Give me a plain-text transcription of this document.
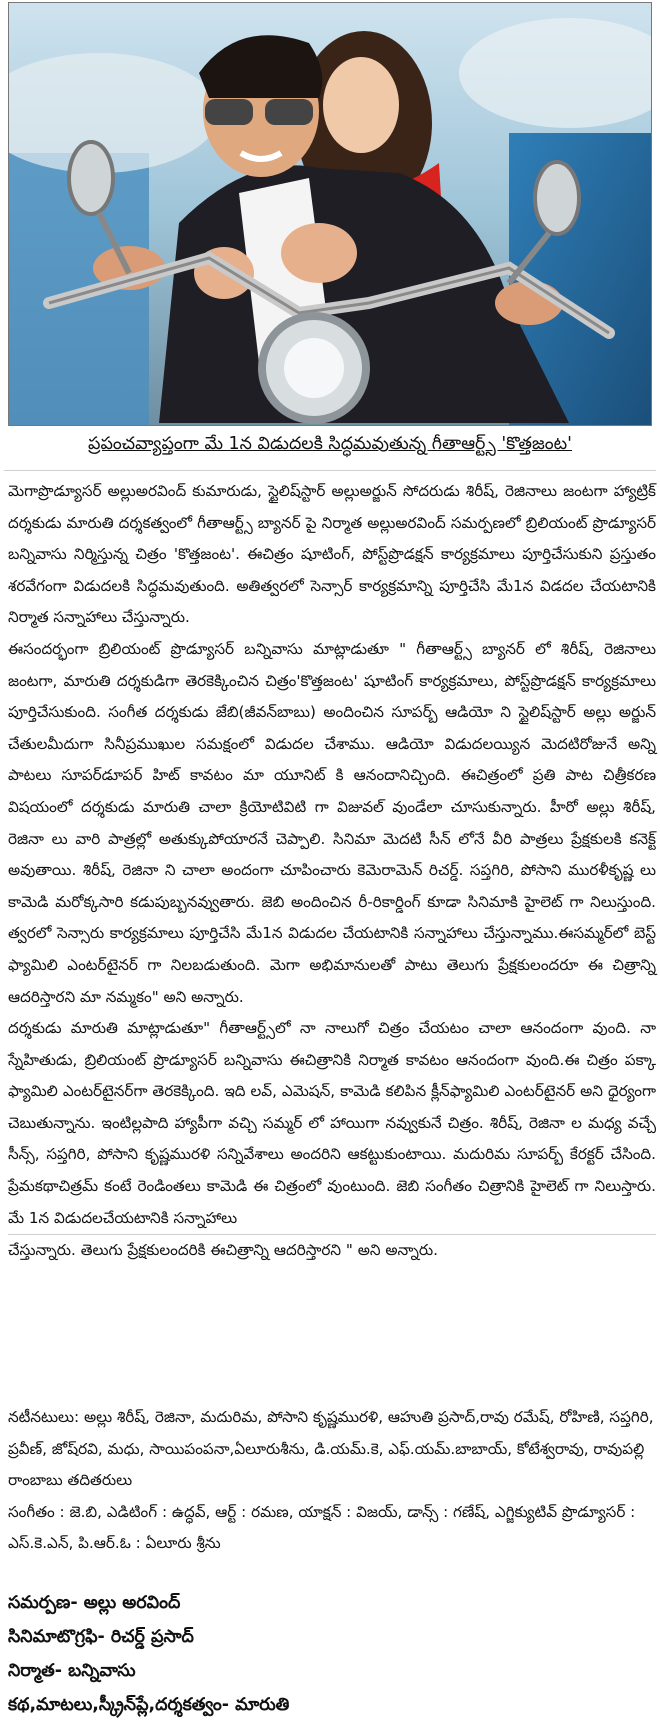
ప్రపంచవ్యాప్తంగా మే 1న విడుదలకి సిద్ధమవుతున్న గీతాఆర్ట్స్ 'కొత్తజంట'

మెగాప్రొడ్యూసర్ అల్లుఅరవింద్ కుమారుడు, స్టైలిష్‌స్టార్ అల్లుఅర్జున్ సోదరుడు శిరీష్, రెజినాలు జంటగా హ్యాట్రిక్ దర్శకుడు మారుతి దర్శకత్వంలో గీతాఆర్ట్స్ బ్యానర్ పై నిర్మాత అల్లుఅరవింద్ సమర్పణలో బ్రిలియంట్ ప్రొడ్యూసర్ బన్నివాసు నిర్మిస్తున్న చిత్రం 'కొత్తజంట'. ఈచిత్రం షూటింగ్, పోస్ట్‌ప్రొడక్షన్ కార్యక్రమాలు పూర్తిచేసుకుని ప్రస్తుతం శరవేగంగా విడుదలకి సిద్ధమవుతుంది. అతిత్వరలో సెన్సార్ కార్యక్రమాన్ని పూర్తిచేసి మే1న విడదల చేయటానికి నిర్మాత సన్నాహాలు చేస్తున్నారు.

ఈసందర్భంగా బ్రిలియంట్ ప్రొడ్యూసర్ బన్నివాసు మాట్లాడుతూ " గీతాఆర్ట్స్ బ్యానర్ లో శిరీష్, రెజినాలు జంటగా, మారుతి దర్శకుడిగా తెరకెక్కించిన చిత్రం'కొత్తజంట' షూటింగ్ కార్యక్రమాలు, పోస్ట్‌ప్రొడక్షన్ కార్యక్రమాలు పూర్తిచేసుకుంది. సంగీత దర్శకుడు జేబి(జీవన్‌బాబు) అందించిన సూపర్బ్ ఆడియో ని స్టైలిష్‌స్టార్ అల్లు అర్జున్ చేతులమీదుగా సినీప్రముఖుల సమక్షంలో విడుదల చేశాము. ఆడియో విడుదలయ్యిన మెదటిరోజునే అన్ని పాటలు సూపర్‌డూపర్ హిట్ కావటం మా యూనిట్ కి ఆనందానిచ్చింది. ఈచిత్రంలో ప్రతి పాట చిత్రీకరణ విషయంలో దర్శకుడు మారుతి చాలా క్రియోటివిటి గా విజువల్ వుండేలా చూసుకున్నారు. హీరో అల్లు శిరీష్, రెజినా లు వారి పాత్రల్లో అతుక్కుపోయారనే చెప్పాలి. సినిమా మెదటి సీన్ లోనే వీరి పాత్రలు ప్రేక్షకులకి కనెక్ట్ అవుతాయి. శిరీష్, రెజినా ని చాలా అందంగా చూపించారు కెమెరామెన్ రిచర్డ్. సప్తగిరి, పోసాని మురళీకృష్ణ లు కామెడి మరోక్కసారి కడుపుబ్బనవ్వుతారు. జెబి అందించిన రీ-రికార్డింగ్ కూడా సినిమాకి హైలెట్ గా నిలుస్తుంది. త్వరలో సెన్సారు కార్యక్రమాలు పూర్తిచేసి మే1న విడుదల చేయటానికి సన్నాహాలు చేస్తున్నాము.ఈసమ్మర్‌లో బెస్ట్ ఫ్యామిలి ఎంటర్‌టైనర్ గా నిలబడుతుంది. మెగా అభిమానులతో పాటు తెలుగు ప్రేక్షకులందరూ ఈ చిత్రాన్ని ఆదరిస్తారని మా నమ్మకం" అని అన్నారు.

దర్శకుడు మారుతి మాట్లాడుతూ" గీతాఆర్ట్స్‌లో నా నాలుగో చిత్రం చేయటం చాలా ఆనందంగా వుంది. నా స్నేహితుడు, బ్రిలియంట్ ప్రొడ్యూసర్ బన్నివాసు ఈచిత్రానికి నిర్మాత కావటం ఆనందంగా వుంది.ఈ చిత్రం పక్కా ఫ్యామిలి ఎంటర్‌టైనర్‌గా తెరకెక్కింది. ఇది లవ్, ఎమెషన్, కామెడి కలిపిన క్లీన్‌ఫ్యామిలి ఎంటర్‌టైనర్ అని ధైర్యంగా చెబుతున్నాను. ఇంటిల్లపాది హ్యాపీగా వచ్చి సమ్మర్ లో హాయిగా నవ్వుకునే చిత్రం. శిరీష్, రెజినా ల మధ్య వచ్చే సీన్స్, సప్తగిరి, పోసాని కృష్ణమురళి సన్నివేశాలు అందరిని ఆకట్టుకుంటాయి. మదురిమ సూపర్బ్ కేరక్టర్ చేసింది. ప్రేమకథాచిత్రమ్ కంటే రెండింతలు కామెడి ఈ చిత్రంలో వుంటుంది. జెబి సంగీతం చిత్రానికి హైలెట్ గా నిలుస్తారు. మే 1న విడుదలచేయటానికి సన్నాహాలు

చేస్తున్నారు. తెలుగు ప్రేక్షకులందరికి ఈచిత్రాన్ని ఆదరిస్తారని " అని అన్నారు.

నటీనటులు: అల్లు శిరీష్, రెజినా, మదురిమ, పోసాని కృష్ణమురళి, ఆహుతి ప్రసాద్,రావు రమేష్, రోహిణి, సప్తగిరి, ప్రవీణ్, జోష్‌రవి, మధు, సాయిపంపనా,ఏలూరుశీను, డి.యమ్.కె, ఎఫ్.యమ్.బాబాయ్, కోటేశ్వరావు, రావుపల్లి రాంబాబు తదితరులు

సంగీతం : జె.బి, ఎడిటింగ్ : ఉద్ధవ్, ఆర్ట్ : రమణ, యాక్షన్ : విజయ్, డాన్స్ : గణేష్, ఎగ్జిక్యుటివ్ ప్రొడ్యూసర్ : ఎస్.కె.ఎన్, పి.ఆర్.ఓ : ఏలూరు శ్రీను

సమర్పణ- అల్లు అరవింద్
సినిమాటొగ్రఫి- రిచర్డ్ ప్రసాద్
నిర్మాత- బన్నివాసు
కథ,మాటలు,స్క్రీన్‌ప్లే,దర్శకత్వం- మారుతి
